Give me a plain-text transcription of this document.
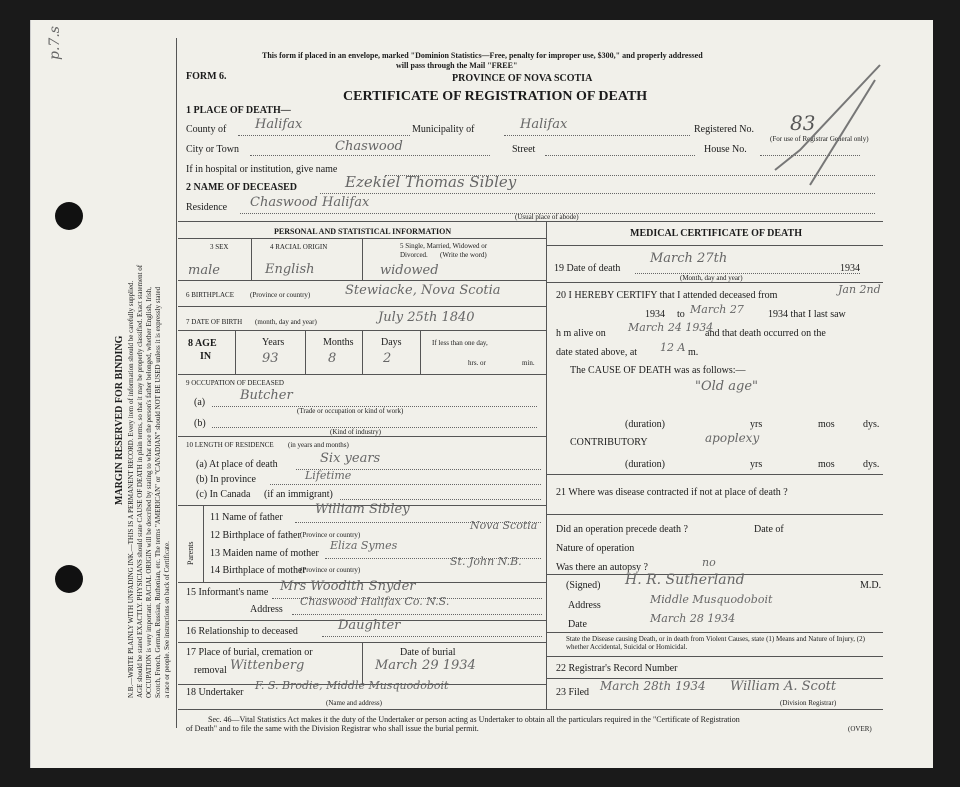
p.7.s
MARGIN RESERVED FOR BINDING N.B.—WRITE PLAINLY WITH UNFADING INK.—THIS IS A PERMANENT RECORD. Every item of information should be carefully supplied. AGE should be stated EXACTLY. PHYSICIANS should state CAUSE OF DEATH in plain terms, so that it may be properly classified. Exact statement of OCCUPATION is very important. RACIAL ORIGIN will be described by stating to what race the person's father belonged, whether English, Irish, Scotch, French, German, Russian, Ruthenian, etc. The terms "AMERICAN" or "CANADIAN" should NOT BE USED unless it is expressly stated a race or people. See instructions on back of Certificate.
This form if placed in an envelope, marked "Dominion Statistics—Free, penalty for improper use, $300," and properly addressed
will pass through the Mail "FREE"
FORM 6.	PROVINCE OF NOVA SCOTIA
CERTIFICATE OF REGISTRATION OF DEATH
1 PLACE OF DEATH—
County of Halifax	Municipality of	Halifax	Registered No. 83
(For use of Registrar General only)
City or Town	Chaswood	Street	House No.
If in hospital or institution, give name
2 NAME OF DECEASED	Ezekiel Thomas Sibley
Residence Chaswood Halifax
(Usual place of abode)
PERSONAL AND STATISTICAL INFORMATION	MEDICAL CERTIFICATE OF DEATH
3 SEX	4 RACIAL ORIGIN	5 Single, Married, Widowed or
Divorced. (Write the word)
male	English	widowed
6 BIRTHPLACE (Province or country)	Stewiacke, Nova Scotia
7 DATE OF BIRTH (month, day and year)	July 25th 1840
8 AGE
IN
Years	Months	Days
93	8	2
If less than one day,
hrs. or	min.
9 OCCUPATION OF DECEASED
(a)	Butcher
(Trade or occupation or kind of work)
(b)
(Kind of industry)
10 LENGTH OF RESIDENCE (in years and months)
(a) At place of death	Six years
(b) In province	Lifetime
(c) In Canada (if an immigrant)
Parents
11 Name of father
William Sibley
12 Birthplace of father (Province or country)
Nova Scotia
13 Maiden name of mother
Eliza Symes
14 Birthplace of mother
(Province or country)
St. John N.B.
15 Informant's name Mrs Woodith Snyder
Address
Chaswood Halifax Co. N.S.
16 Relationship to deceased	Daughter
17 Place of burial, cremation or
removal Wittenberg
Date of burial
March 29 1934
18 Undertaker
F. S. Brodie, Middle Musquodoboit
(Name and address)
19 Date of death
March 27th
1934
(Month, day and year)
20 I HEREBY CERTIFY that I attended deceased from	Jan 2nd
1934 to March 27 1934 that I last saw
h m alive on March 24 1934
and that death occurred on the
date stated above, at 12 A m.
The CAUSE OF DEATH was as follows:—
"Old age"
(duration)	yrs	mos	dys.
CONTRIBUTORY	apoplexy
(duration)	yrs	mos	dys.
21 Where was disease contracted if not at place of death ?
Did an operation precede death ?	Date of
Nature of operation
Was there an autopsy ?	no
(Signed) H. R. Sutherland	M.D.
Address	Middle Musquodoboit
Date	March 28 1934
State the Disease causing Death, or in death from Violent Causes, state (1) Means and Nature of Injury, (2) whether Accidental, Suicidal or Homicidal.
22 Registrar's Record Number
23 Filed March 28th 1934 William A. Scott
(Division Registrar)
Sec. 46—Vital Statistics Act makes it the duty of the Undertaker or person acting as Undertaker to obtain all the particulars required in the "Certificate of Registration
of Death" and to file the same with the Division Registrar who shall issue the burial permit.	(OVER)
